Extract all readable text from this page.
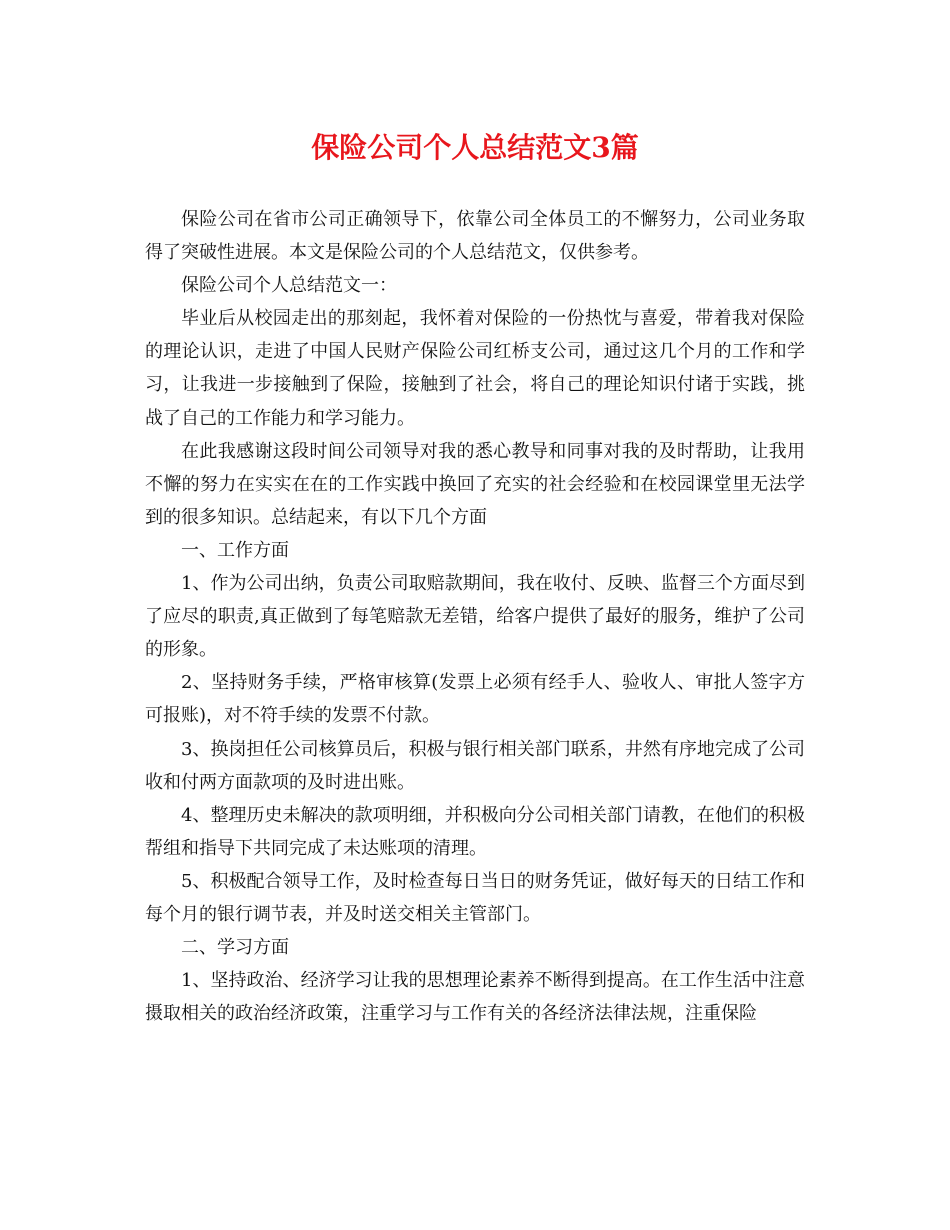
保险公司个人总结范文3篇

保险公司在省市公司正确领导下，依靠公司全体员工的不懈努力，公司业务取得了突破性进展。本文是保险公司的个人总结范文，仅供参考。

保险公司个人总结范文一：

毕业后从校园走出的那刻起，我怀着对保险的一份热忱与喜爱，带着我对保险的理论认识，走进了中国人民财产保险公司红桥支公司，通过这几个月的工作和学习，让我进一步接触到了保险，接触到了社会，将自己的理论知识付诸于实践，挑战了自己的工作能力和学习能力。

在此我感谢这段时间公司领导对我的悉心教导和同事对我的及时帮助，让我用不懈的努力在实实在在的工作实践中换回了充实的社会经验和在校园课堂里无法学到的很多知识。总结起来，有以下几个方面

一、工作方面

1、作为公司出纳，负责公司取赔款期间，我在收付、反映、监督三个方面尽到了应尽的职责,真正做到了每笔赔款无差错，给客户提供了最好的服务，维护了公司的形象。

2、坚持财务手续，严格审核算(发票上必须有经手人、验收人、审批人签字方可报账)，对不符手续的发票不付款。

3、换岗担任公司核算员后，积极与银行相关部门联系，井然有序地完成了公司收和付两方面款项的及时进出账。

4、整理历史未解决的款项明细，并积极向分公司相关部门请教，在他们的积极帮组和指导下共同完成了未达账项的清理。

5、积极配合领导工作，及时检查每日当日的财务凭证，做好每天的日结工作和每个月的银行调节表，并及时送交相关主管部门。

二、学习方面

1、坚持政治、经济学习让我的思想理论素养不断得到提高。在工作生活中注意摄取相关的政治经济政策，注重学习与工作有关的各经济法律法规，注重保险
